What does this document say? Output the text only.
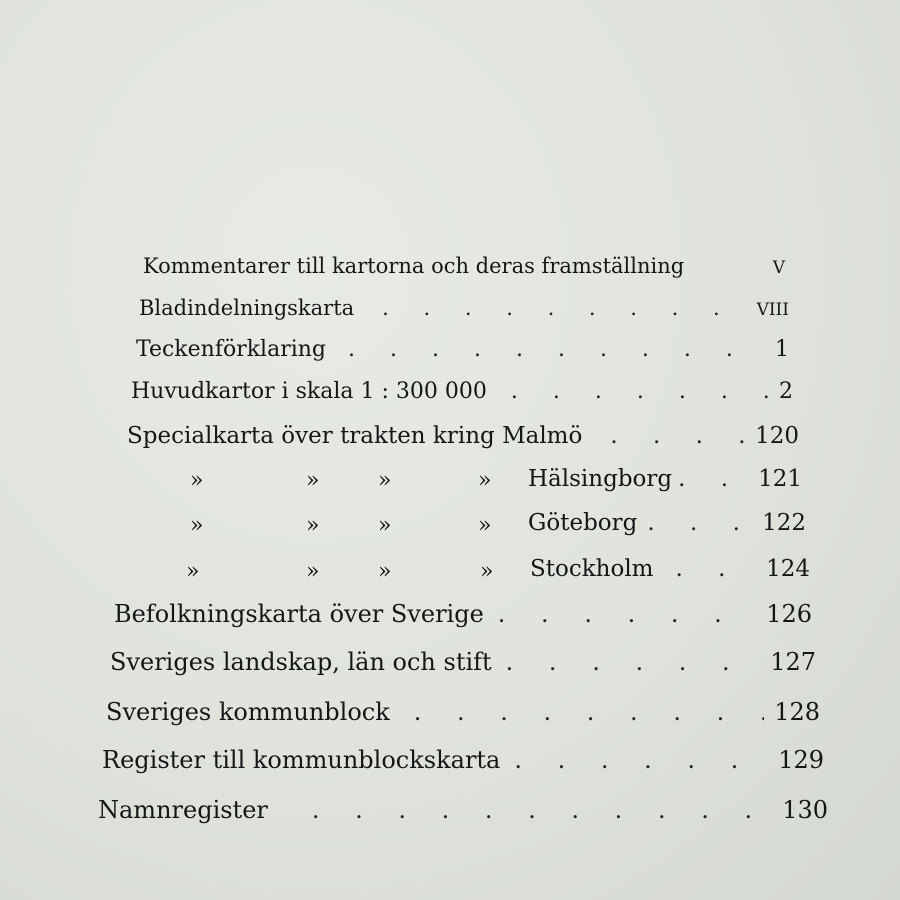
Kommentarer till kartorna och deras framställning	V
Bladindelningskarta . . .	VIII
Teckenförklaring . . .	1
Huvudkartor i skala 1 : 300 000 . . .	2
Specialkarta över trakten kring Malmö . . .	120
»	»	»	» Hälsingborg . . .	121
»	»	»	» Göteborg . . .	122
»	»	»	» Stockholm . . .	124
Befolkningskarta över Sverige . . .	126
Sveriges landskap, län och stift . . .	127
Sveriges kommunblock . . .	128
Register till kommunblockskarta . . .	129
Namnregister . . .	130
